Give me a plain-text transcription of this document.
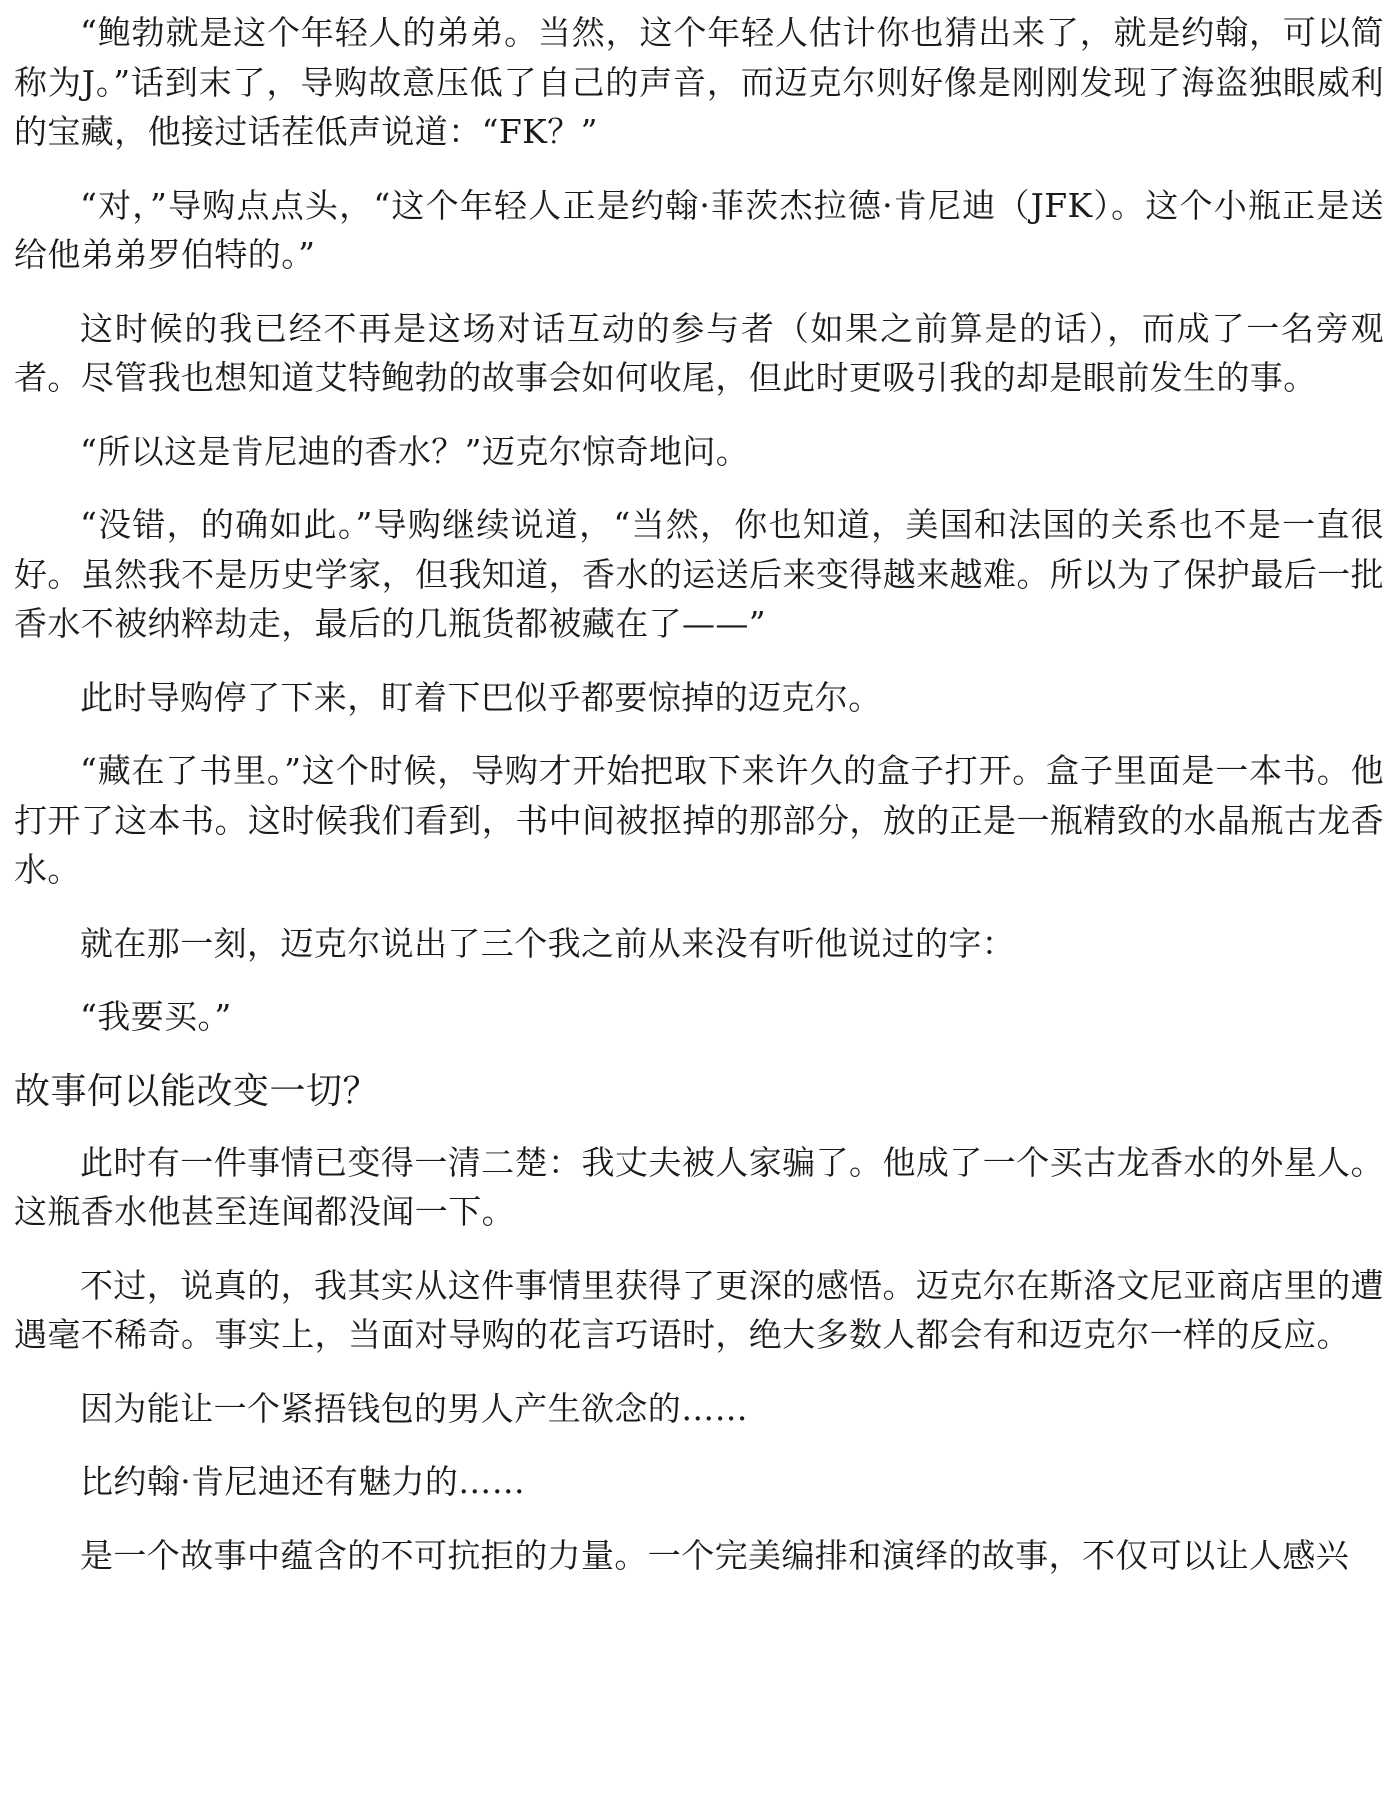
“鲍勃就是这个年轻人的弟弟。当然，这个年轻人估计你也猜出来了，就是约翰，可以简称为J。”话到末了，导购故意压低了自己的声音，而迈克尔则好像是刚刚发现了海盗独眼威利的宝藏，他接过话茬低声说道：“FK？”

“对，”导购点点头，“这个年轻人正是约翰·菲茨杰拉德·肯尼迪（JFK）。这个小瓶正是送给他弟弟罗伯特的。”

这时候的我已经不再是这场对话互动的参与者（如果之前算是的话），而成了一名旁观者。尽管我也想知道艾特鲍勃的故事会如何收尾，但此时更吸引我的却是眼前发生的事。

“所以这是肯尼迪的香水？”迈克尔惊奇地问。

“没错，的确如此。”导购继续说道，“当然，你也知道，美国和法国的关系也不是一直很好。虽然我不是历史学家，但我知道，香水的运送后来变得越来越难。所以为了保护最后一批香水不被纳粹劫走，最后的几瓶货都被藏在了——”

此时导购停了下来，盯着下巴似乎都要惊掉的迈克尔。

“藏在了书里。”这个时候，导购才开始把取下来许久的盒子打开。盒子里面是一本书。他打开了这本书。这时候我们看到，书中间被抠掉的那部分，放的正是一瓶精致的水晶瓶古龙香水。

就在那一刻，迈克尔说出了三个我之前从来没有听他说过的字：

“我要买。”

故事何以能改变一切？

此时有一件事情已变得一清二楚：我丈夫被人家骗了。他成了一个买古龙香水的外星人。这瓶香水他甚至连闻都没闻一下。

不过，说真的，我其实从这件事情里获得了更深的感悟。迈克尔在斯洛文尼亚商店里的遭遇毫不稀奇。事实上，当面对导购的花言巧语时，绝大多数人都会有和迈克尔一样的反应。

因为能让一个紧捂钱包的男人产生欲念的……

比约翰·肯尼迪还有魅力的……

是一个故事中蕴含的不可抗拒的力量。一个完美编排和演绎的故事，不仅可以让人感兴
